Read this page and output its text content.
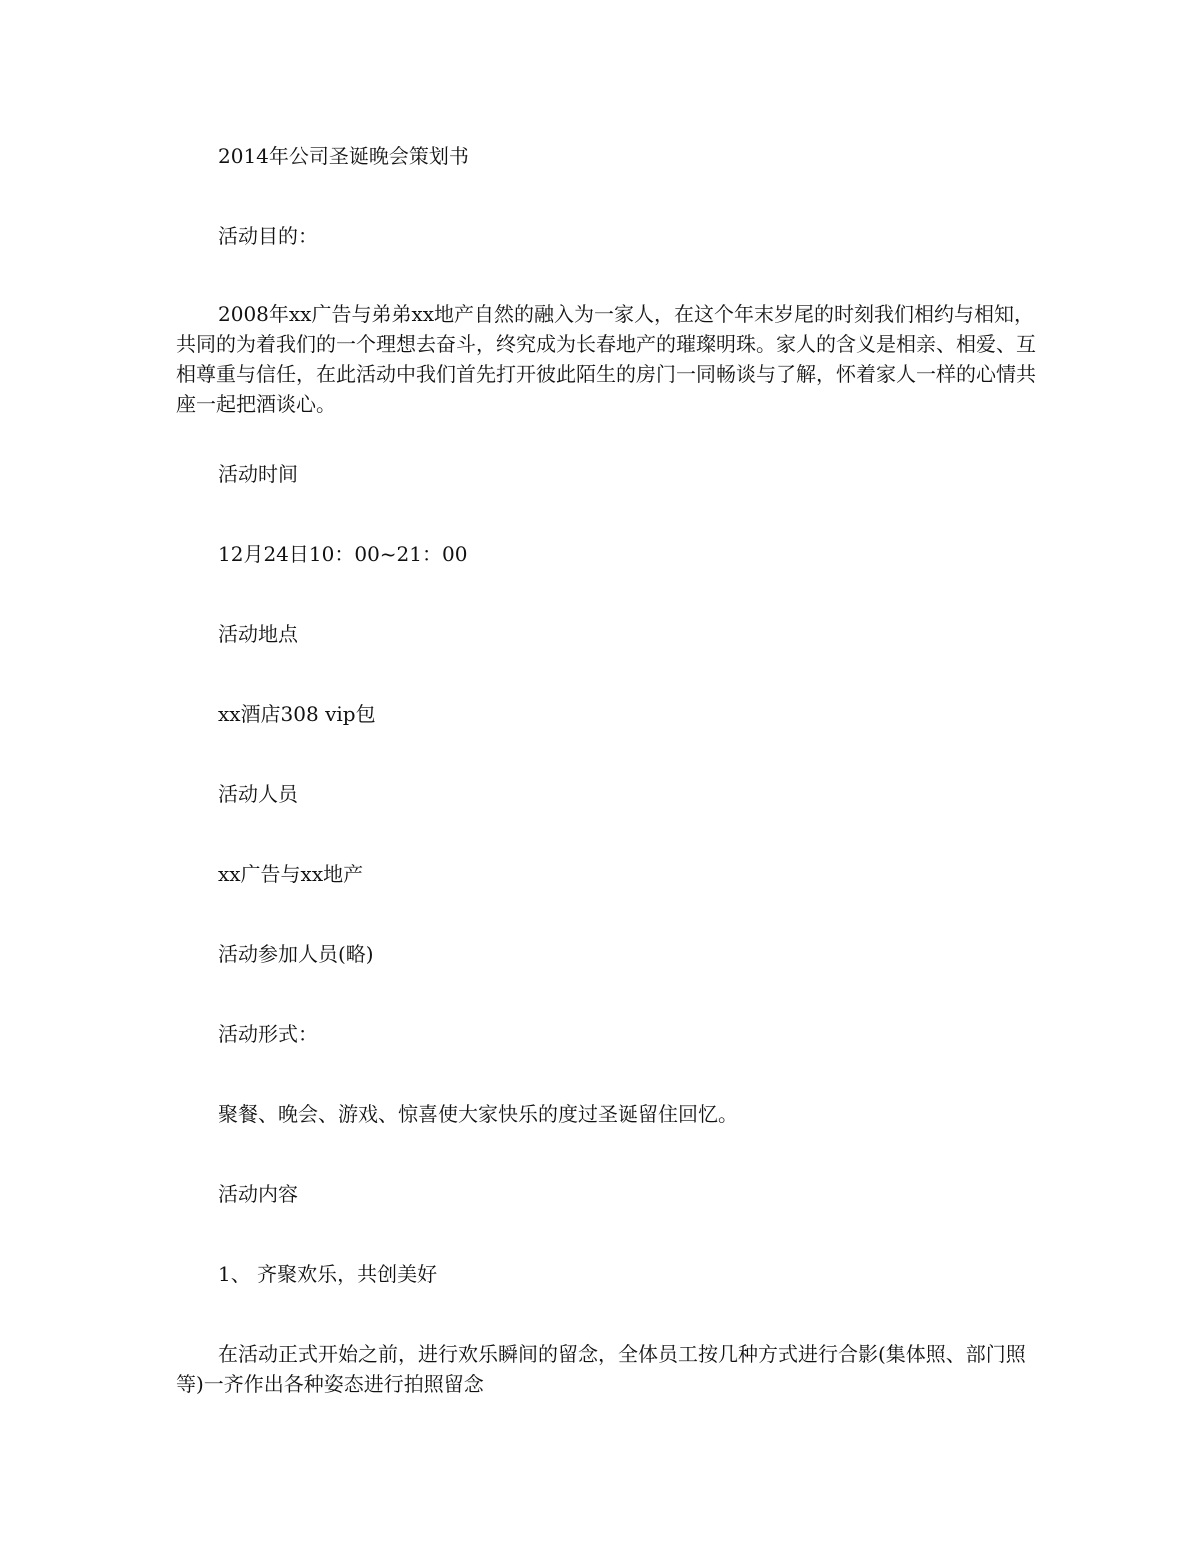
2014年公司圣诞晚会策划书

活动目的：

2008年xx广告与弟弟xx地产自然的融入为一家人，在这个年末岁尾的时刻我们相约与相知，共同的为着我们的一个理想去奋斗，终究成为长春地产的璀璨明珠。家人的含义是相亲、相爱、互相尊重与信任，在此活动中我们首先打开彼此陌生的房门一同畅谈与了解，怀着家人一样的心情共座一起把酒谈心。

活动时间

12月24日10：00~21：00

活动地点

xx酒店308 vip包

活动人员

xx广告与xx地产

活动参加人员(略)

活动形式：

聚餐、晚会、游戏、惊喜使大家快乐的度过圣诞留住回忆。

活动内容

1、 齐聚欢乐，共创美好

在活动正式开始之前，进行欢乐瞬间的留念，全体员工按几种方式进行合影(集体照、部门照等)一齐作出各种姿态进行拍照留念
